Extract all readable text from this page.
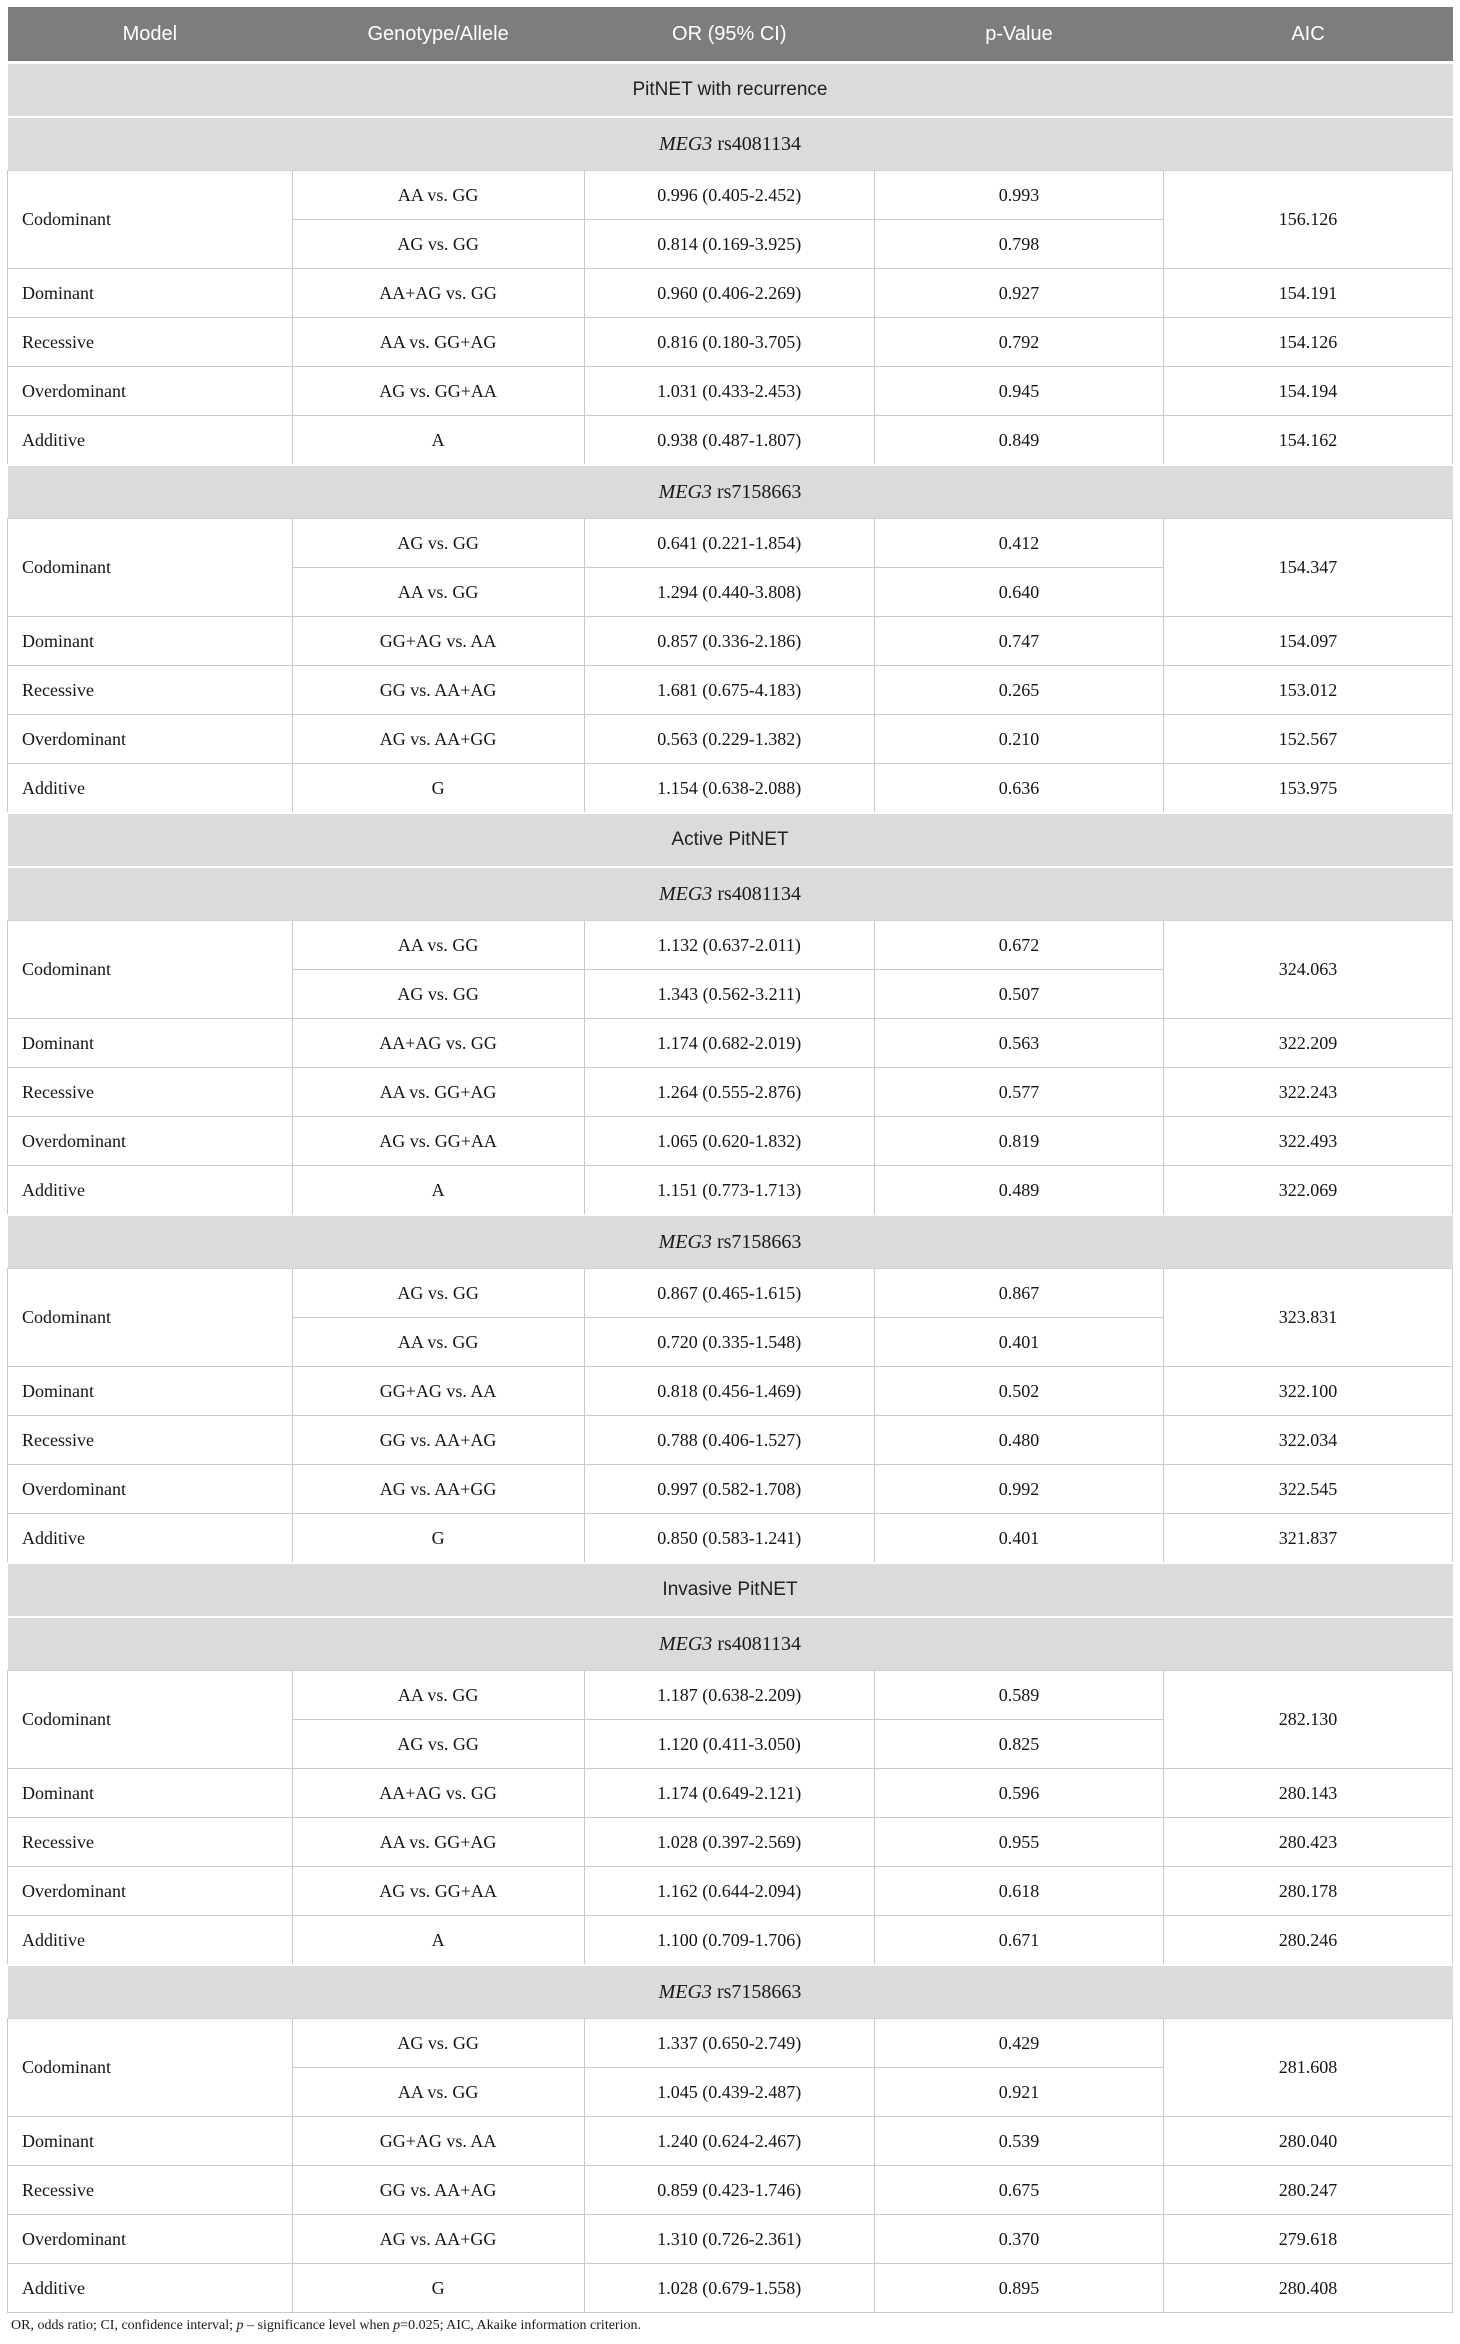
Model	Genotype/Allele	OR (95% CI)	p-Value	AIC
PitNET with recurrence				
MEG3 rs4081134				
Codominant	AA vs. GG	0.996 (0.405-2.452)	0.993	156.126
	AG vs. GG	0.814 (0.169-3.925)	0.798	
Dominant	AA+AG vs. GG	0.960 (0.406-2.269)	0.927	154.191
Recessive	AA vs. GG+AG	0.816 (0.180-3.705)	0.792	154.126
Overdominant	AG vs. GG+AA	1.031 (0.433-2.453)	0.945	154.194
Additive	A	0.938 (0.487-1.807)	0.849	154.162
MEG3 rs7158663				
Codominant	AG vs. GG	0.641 (0.221-1.854)	0.412	154.347
	AA vs. GG	1.294 (0.440-3.808)	0.640	
Dominant	GG+AG vs. AA	0.857 (0.336-2.186)	0.747	154.097
Recessive	GG vs. AA+AG	1.681 (0.675-4.183)	0.265	153.012
Overdominant	AG vs. AA+GG	0.563 (0.229-1.382)	0.210	152.567
Additive	G	1.154 (0.638-2.088)	0.636	153.975
Active PitNET				
MEG3 rs4081134				
Codominant	AA vs. GG	1.132 (0.637-2.011)	0.672	324.063
	AG vs. GG	1.343 (0.562-3.211)	0.507	
Dominant	AA+AG vs. GG	1.174 (0.682-2.019)	0.563	322.209
Recessive	AA vs. GG+AG	1.264 (0.555-2.876)	0.577	322.243
Overdominant	AG vs. GG+AA	1.065 (0.620-1.832)	0.819	322.493
Additive	A	1.151 (0.773-1.713)	0.489	322.069
MEG3 rs7158663				
Codominant	AG vs. GG	0.867 (0.465-1.615)	0.867	323.831
	AA vs. GG	0.720 (0.335-1.548)	0.401	
Dominant	GG+AG vs. AA	0.818 (0.456-1.469)	0.502	322.100
Recessive	GG vs. AA+AG	0.788 (0.406-1.527)	0.480	322.034
Overdominant	AG vs. AA+GG	0.997 (0.582-1.708)	0.992	322.545
Additive	G	0.850 (0.583-1.241)	0.401	321.837
Invasive PitNET				
MEG3 rs4081134				
Codominant	AA vs. GG	1.187 (0.638-2.209)	0.589	282.130
	AG vs. GG	1.120 (0.411-3.050)	0.825	
Dominant	AA+AG vs. GG	1.174 (0.649-2.121)	0.596	280.143
Recessive	AA vs. GG+AG	1.028 (0.397-2.569)	0.955	280.423
Overdominant	AG vs. GG+AA	1.162 (0.644-2.094)	0.618	280.178
Additive	A	1.100 (0.709-1.706)	0.671	280.246
MEG3 rs7158663				
Codominant	AG vs. GG	1.337 (0.650-2.749)	0.429	281.608
	AA vs. GG	1.045 (0.439-2.487)	0.921	
Dominant	GG+AG vs. AA	1.240 (0.624-2.467)	0.539	280.040
Recessive	GG vs. AA+AG	0.859 (0.423-1.746)	0.675	280.247
Overdominant	AG vs. AA+GG	1.310 (0.726-2.361)	0.370	279.618
Additive	G	1.028 (0.679-1.558)	0.895	280.408
OR, odds ratio; CI, confidence interval; p – significance level when p=0.025; AIC, Akaike information criterion.
